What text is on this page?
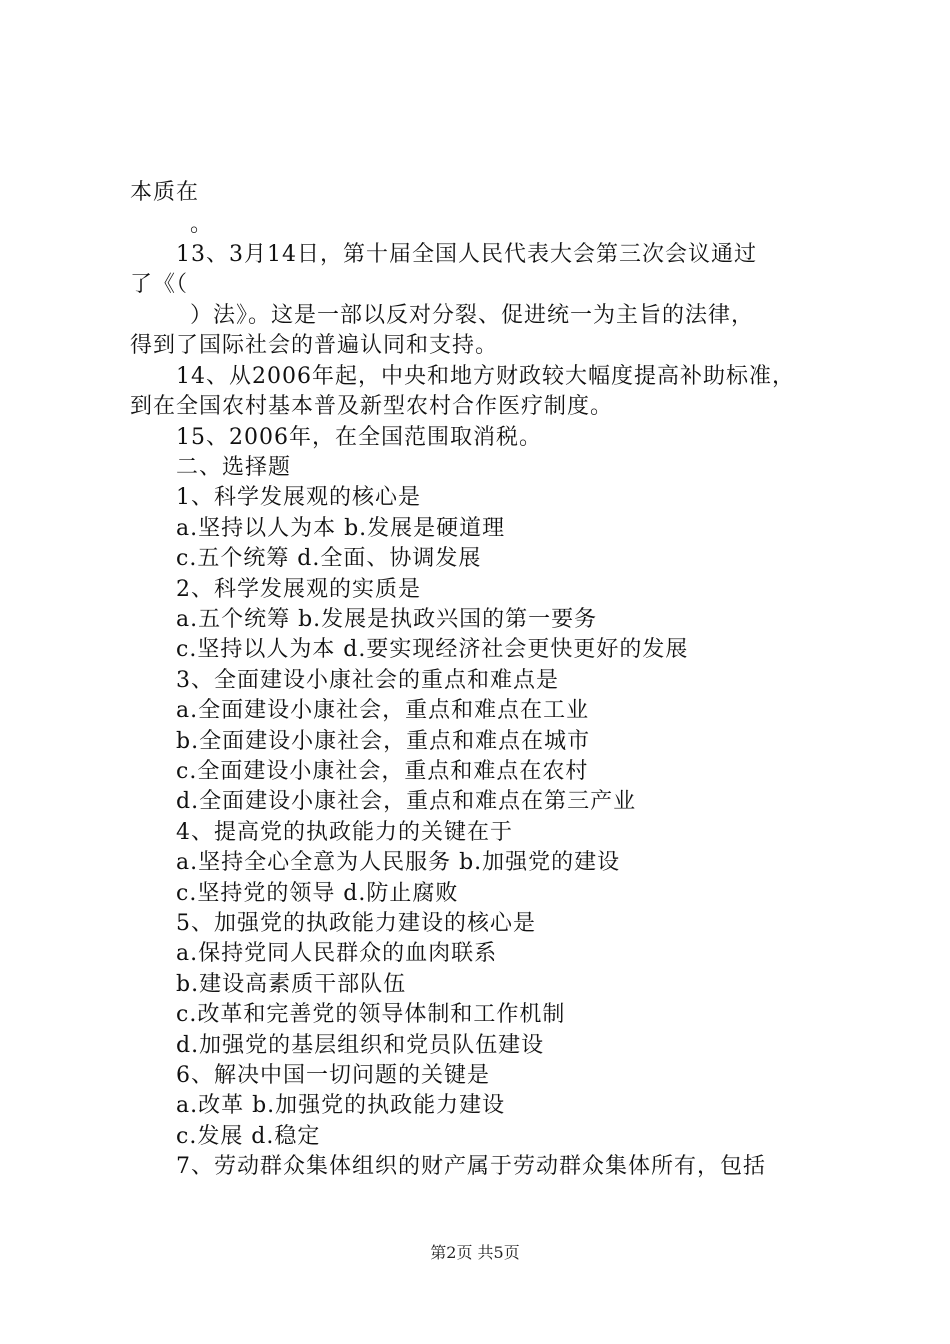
本质在
。
13、3月14日，第十届全国人民代表大会第三次会议通过
了《（
）法》。这是一部以反对分裂、促进统一为主旨的法律，
得到了国际社会的普遍认同和支持。
14、从2006年起，中央和地方财政较大幅度提高补助标准，
到在全国农村基本普及新型农村合作医疗制度。
15、2006年，在全国范围取消税。
二、选择题
1、科学发展观的核心是
a.坚持以人为本 b.发展是硬道理
c.五个统筹 d.全面、协调发展
2、科学发展观的实质是
a.五个统筹 b.发展是执政兴国的第一要务
c.坚持以人为本 d.要实现经济社会更快更好的发展
3、全面建设小康社会的重点和难点是
a.全面建设小康社会，重点和难点在工业
b.全面建设小康社会，重点和难点在城市
c.全面建设小康社会，重点和难点在农村
d.全面建设小康社会，重点和难点在第三产业
4、提高党的执政能力的关键在于
a.坚持全心全意为人民服务 b.加强党的建设
c.坚持党的领导 d.防止腐败
5、加强党的执政能力建设的核心是
a.保持党同人民群众的血肉联系
b.建设高素质干部队伍
c.改革和完善党的领导体制和工作机制
d.加强党的基层组织和党员队伍建设
6、解决中国一切问题的关键是
a.改革 b.加强党的执政能力建设
c.发展 d.稳定
7、劳动群众集体组织的财产属于劳动群众集体所有，包括
第2页 共5页
